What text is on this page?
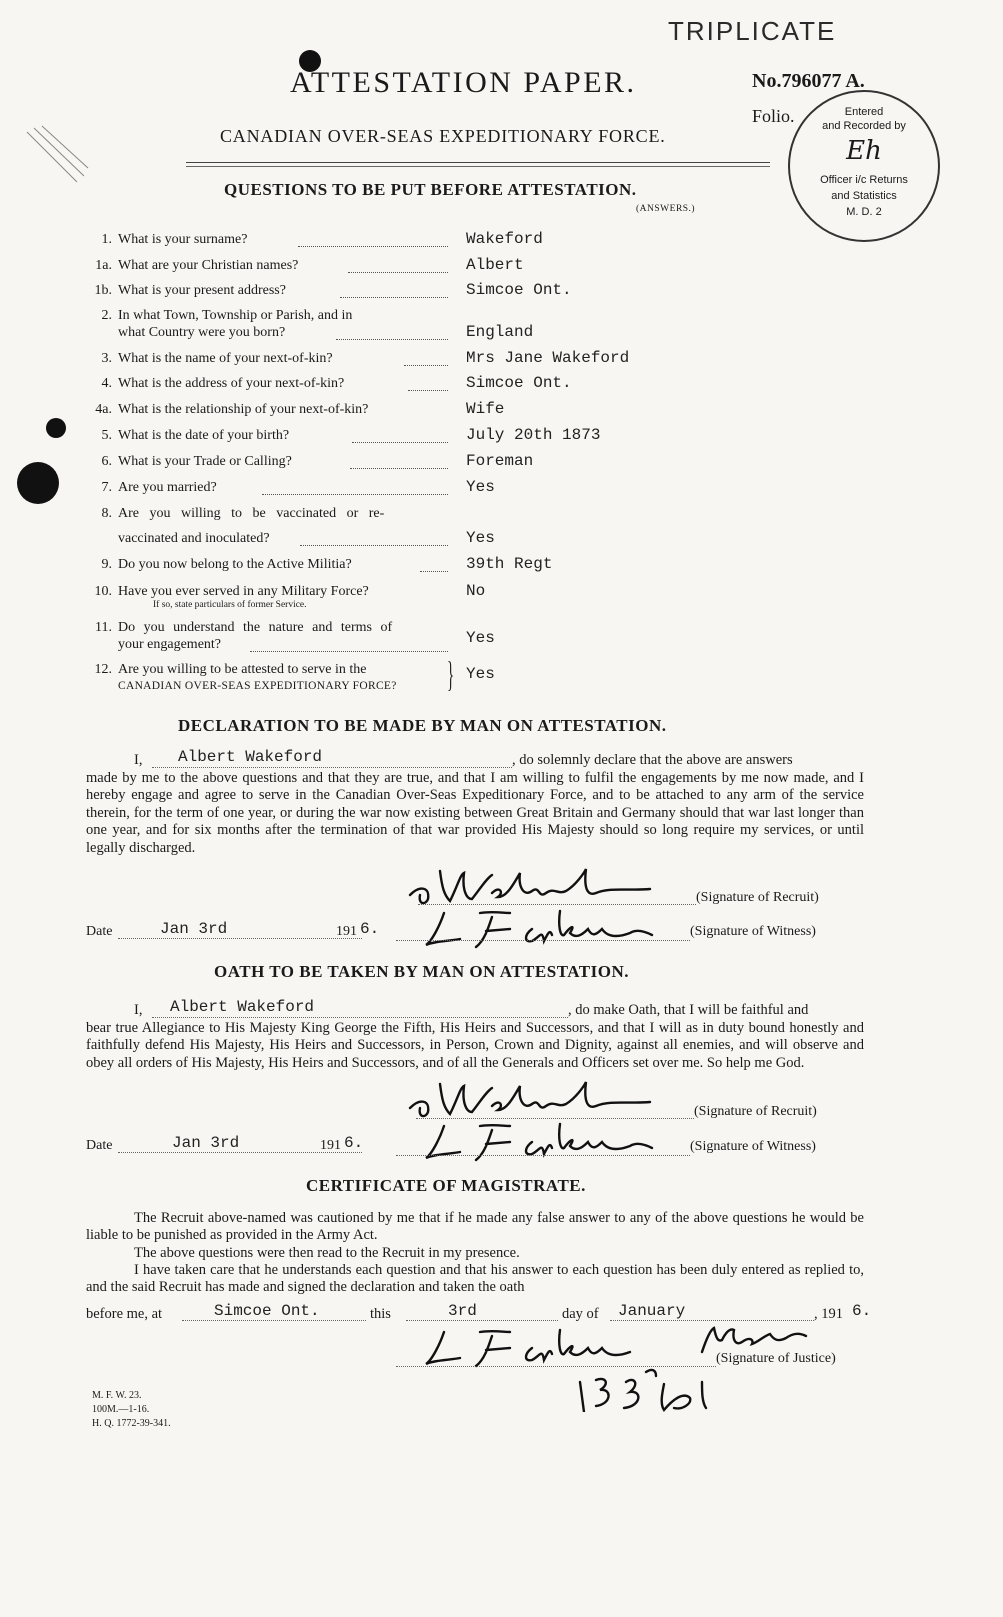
TRIPLICATE
ATTESTATION PAPER.	No.796077 A.
CANADIAN OVER-SEAS EXPEDITIONARY FORCE.
Folio.	Entered
and Recorded by
Eh
Officer i/c Returns
and Statistics
M. D. 2
QUESTIONS TO BE PUT BEFORE ATTESTATION.
(ANSWERS.)
1. What is your surname?	Wakeford
1a. What are your Christian names?	Albert
1b. What is your present address?	Simcoe Ont.
2. In what Town, Township or Parish, and in
what Country were you born?	England
3. What is the name of your next-of-kin?	Mrs Jane Wakeford
4. What is the address of your next-of-kin?	Simcoe Ont.
4a. What is the relationship of your next-of-kin?	Wife
5. What is the date of your birth?	July 20th 1873
6. What is your Trade or Calling?	Foreman
7. Are you married?	Yes
8. Are you willing to be vaccinated or re-
vaccinated and inoculated?	Yes
9. Do you now belong to the Active Militia?	39th Regt
10. Have you ever served in any Military Force?
If so, state particulars of former Service.
No
11. Do you understand the nature and terms of
your engagement?	Yes
12. Are you willing to be attested to serve in the
CANADIAN OVER-SEAS EXPEDITIONARY FORCE? } Yes
DECLARATION TO BE MADE BY MAN ON ATTESTATION.
I, Albert Wakeford	, do solemnly declare that the above are answers
made by me to the above questions and that they are true, and that I am willing to fulfil the engagements by me now made, and I hereby engage and agree to serve in the Canadian Over-Seas Expeditionary Force, and to be attached to any arm of the service therein, for the term of one year, or during the war now existing between Great Britain and Germany should that war last longer than one year, and for six months after the termination of that war provided His Majesty should so long require my services, or until legally discharged.
(Signature of Recruit)
Date	Jan 3rd	191 6.	(Signature of Witness)
OATH TO BE TAKEN BY MAN ON ATTESTATION.
I, Albert Wakeford	, do make Oath, that I will be faithful and
bear true Allegiance to His Majesty King George the Fifth, His Heirs and Successors, and that I will as in duty bound honestly and faithfully defend His Majesty, His Heirs and Successors, in Person, Crown and Dignity, against all enemies, and will observe and obey all orders of His Majesty, His Heirs and Successors, and of all the Generals and Officers set over me. So help me God.
(Signature of Recruit)
Date	Jan 3rd	191 6.	(Signature of Witness)
CERTIFICATE OF MAGISTRATE.
The Recruit above-named was cautioned by me that if he made any false answer to any of the above questions he would be liable to be punished as provided in the Army Act.
The above questions were then read to the Recruit in my presence.
I have taken care that he understands each question and that his answer to each question has been duly entered as replied to, and the said Recruit has made and signed the declaration and taken the oath
before me, at	Simcoe Ont.	this	3rd	day of January	, 191 6.
(Signature of Justice)
M. F. W. 23.
100M.—1-16.
H. Q. 1772-39-341.
